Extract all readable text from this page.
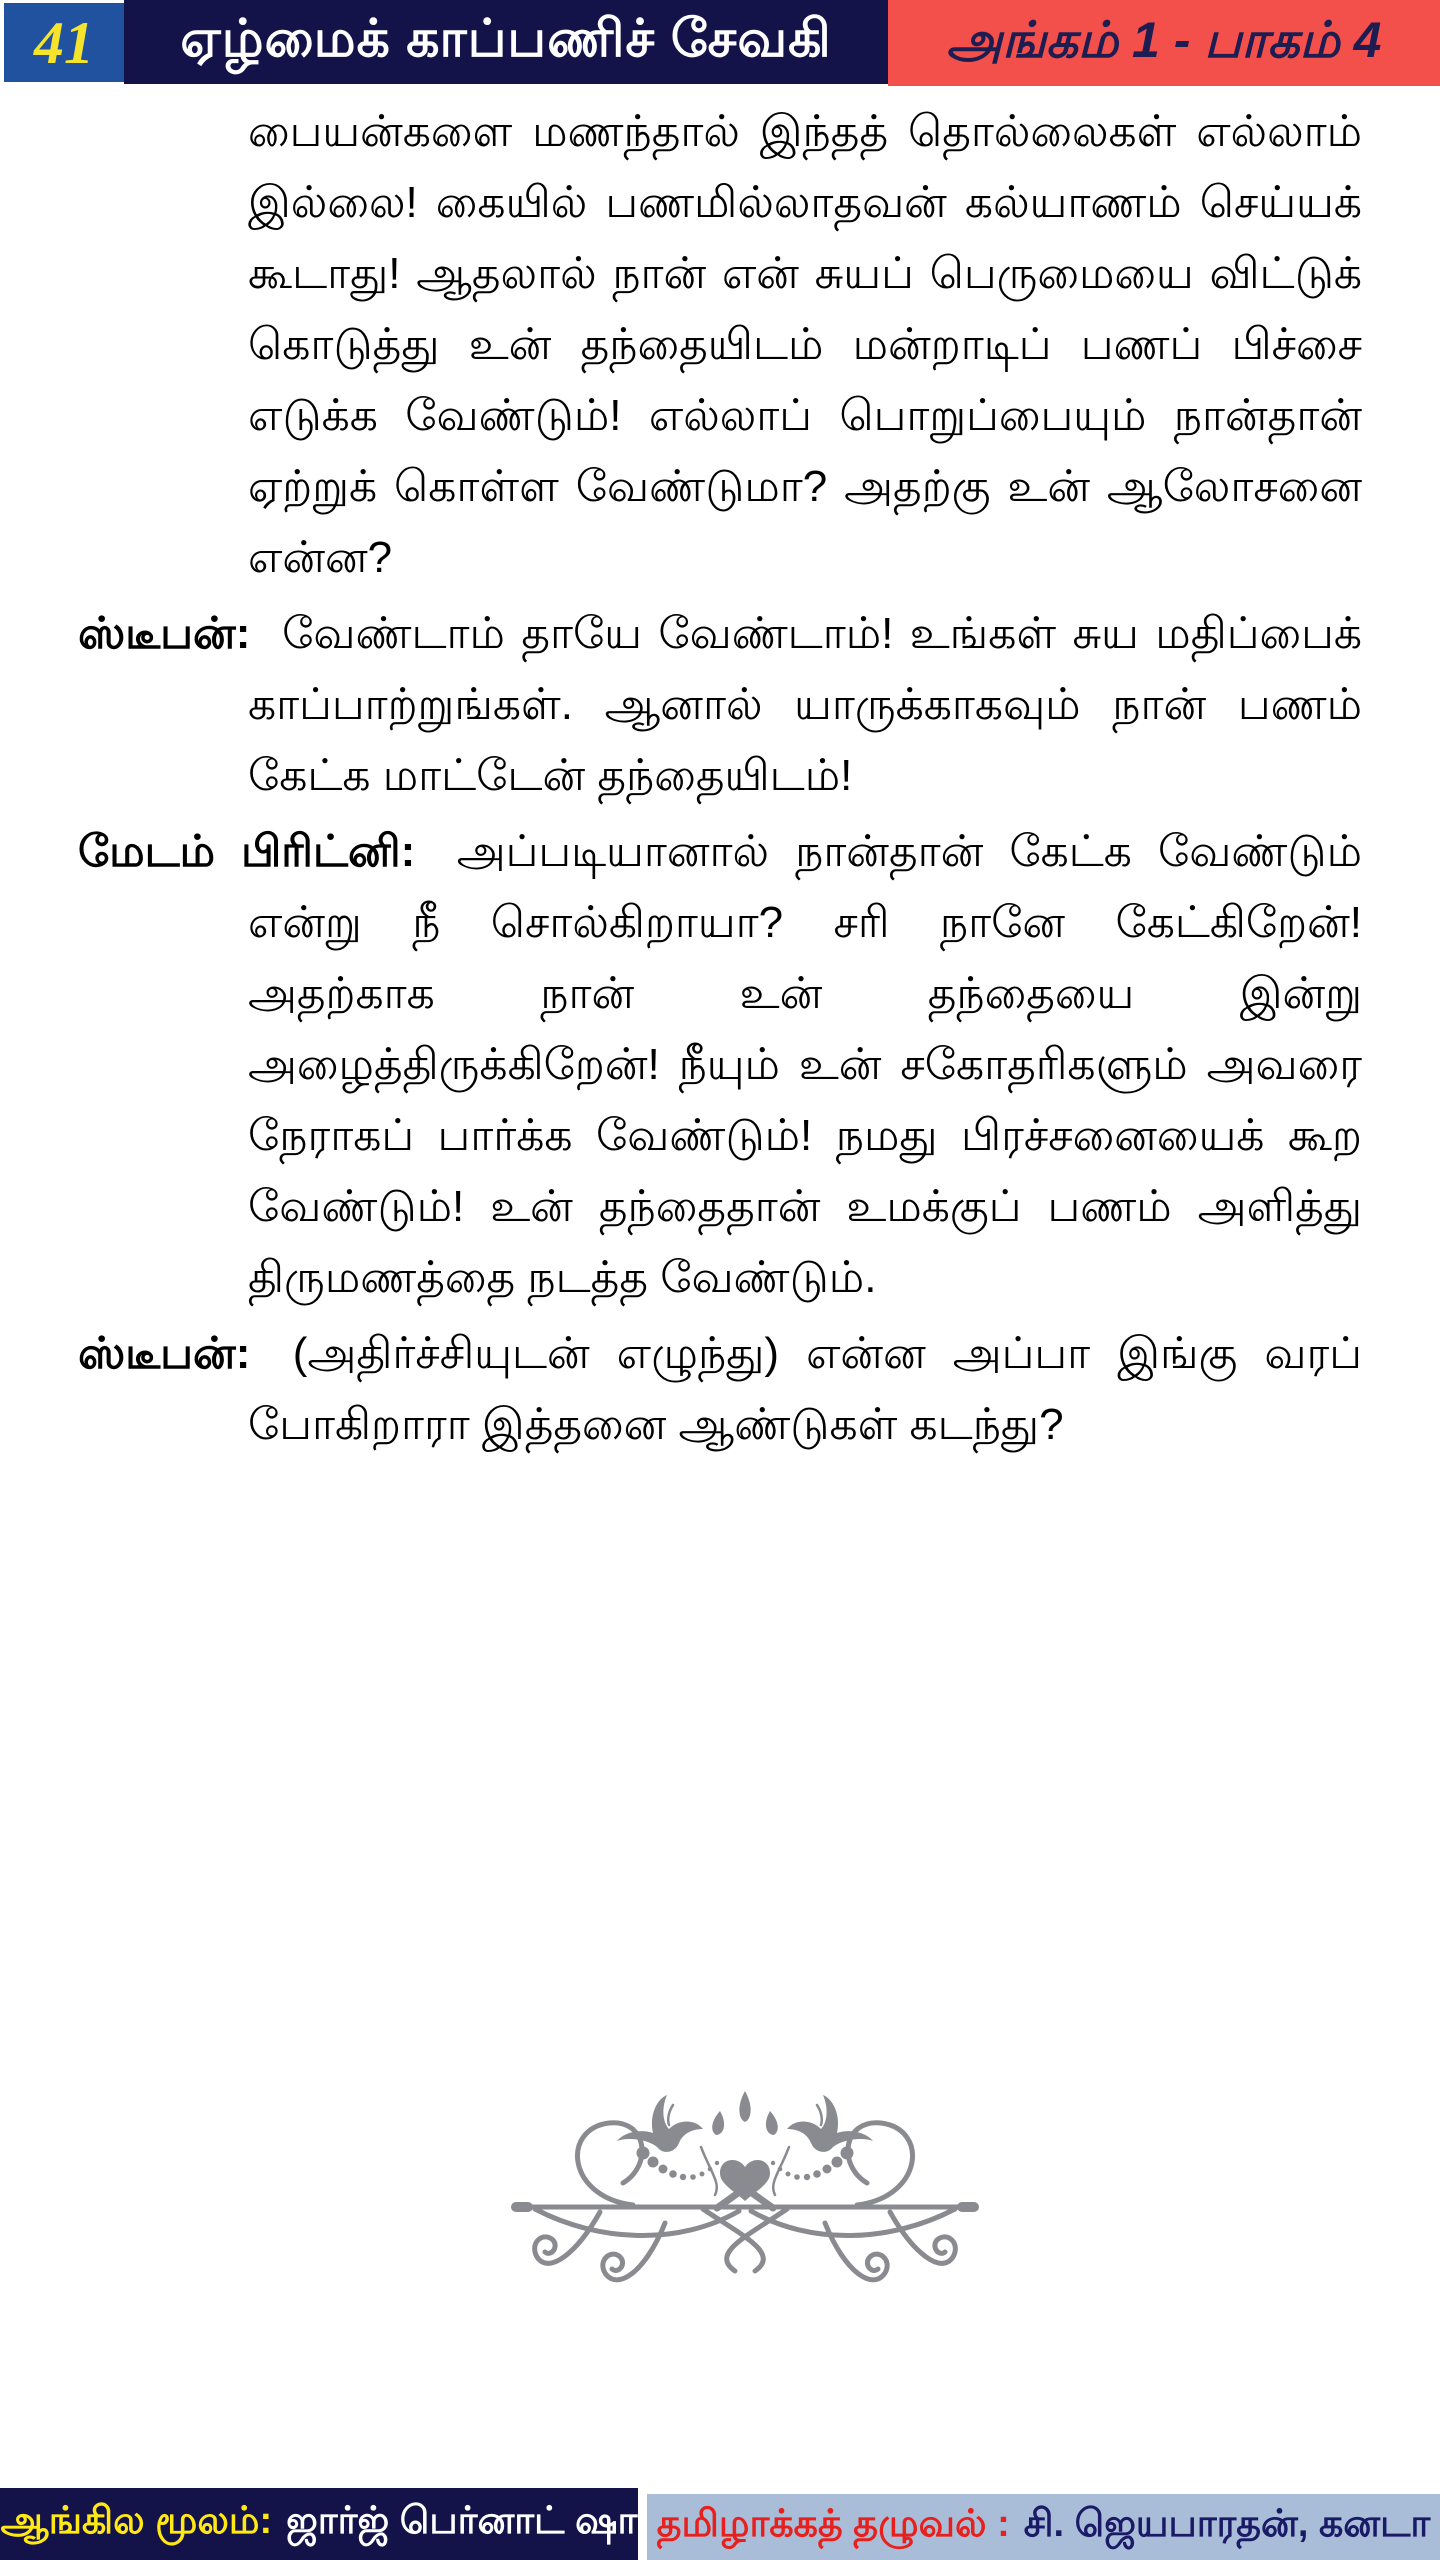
41 ஏழ்மைக் காப்பணிச் சேவகி அங்கம் 1 - பாகம் 4

பையன்களை மணந்தால் இந்தத் தொல்லைகள் எல்லாம் இல்லை! கையில் பணமில்லாதவன் கல்யாணம் செய்யக் கூடாது! ஆதலால் நான் என் சுயப் பெருமையை விட்டுக் கொடுத்து உன் தந்தையிடம் மன்றாடிப் பணப் பிச்சை எடுக்க வேண்டும்! எல்லாப் பொறுப்பையும் நான்தான் ஏற்றுக் கொள்ள வேண்டுமா? அதற்கு உன் ஆலோசனை என்ன?

ஸ்டீபன்: வேண்டாம் தாயே வேண்டாம்! உங்கள் சுய மதிப்பைக் காப்பாற்றுங்கள். ஆனால் யாருக்காகவும் நான் பணம் கேட்க மாட்டேன் தந்தையிடம்!

மேடம் பிரிட்னி: அப்படியானால் நான்தான் கேட்க வேண்டும் என்று நீ சொல்கிறாயா? சரி நானே கேட்கிறேன்! அதற்காக நான் உன் தந்தையை இன்று அழைத்திருக்கிறேன்! நீயும் உன் சகோதரிகளும் அவரை நேராகப் பார்க்க வேண்டும்! நமது பிரச்சனையைக் கூற வேண்டும்! உன் தந்தைதான் உமக்குப் பணம் அளித்து திருமணத்தை நடத்த வேண்டும்.

ஸ்டீபன்: (அதிர்ச்சியுடன் எழுந்து) என்ன அப்பா இங்கு வரப் போகிறாரா இத்தனை ஆண்டுகள் கடந்து?

ஆங்கில மூலம்: ஜார்ஜ் பெர்னாட் ஷா தமிழாக்கத் தழுவல் : சி. ஜெயபாரதன், கனடா
